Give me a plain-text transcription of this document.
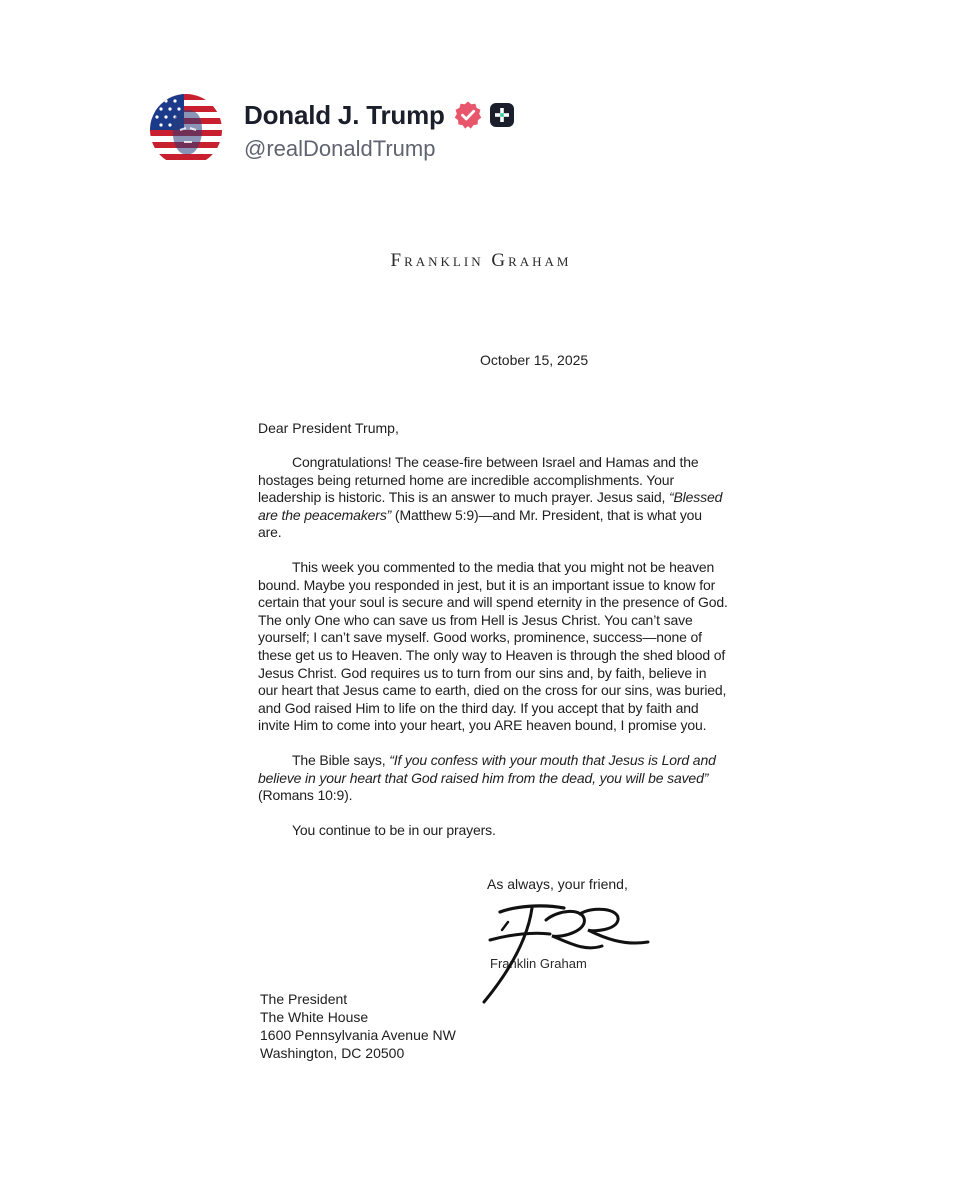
Donald J. Trump
@realDonaldTrump
Franklin Graham
October 15, 2025
Dear President Trump,

Congratulations! The cease-fire between Israel and Hamas and the hostages being returned home are incredible accomplishments. Your leadership is historic. This is an answer to much prayer. Jesus said, “Blessed are the peacemakers” (Matthew 5:9)—and Mr. President, that is what you are.

This week you commented to the media that you might not be heaven bound. Maybe you responded in jest, but it is an important issue to know for certain that your soul is secure and will spend eternity in the presence of God. The only One who can save us from Hell is Jesus Christ. You can’t save yourself; I can’t save myself. Good works, prominence, success—none of these get us to Heaven. The only way to Heaven is through the shed blood of Jesus Christ. God requires us to turn from our sins and, by faith, believe in our heart that Jesus came to earth, died on the cross for our sins, was buried, and God raised Him to life on the third day. If you accept that by faith and invite Him to come into your heart, you ARE heaven bound, I promise you.

The Bible says, “If you confess with your mouth that Jesus is Lord and believe in your heart that God raised him from the dead, you will be saved” (Romans 10:9).

You continue to be in our prayers.

As always, your friend,
Franklin Graham
The President
The White House
1600 Pennsylvania Avenue NW
Washington, DC 20500
